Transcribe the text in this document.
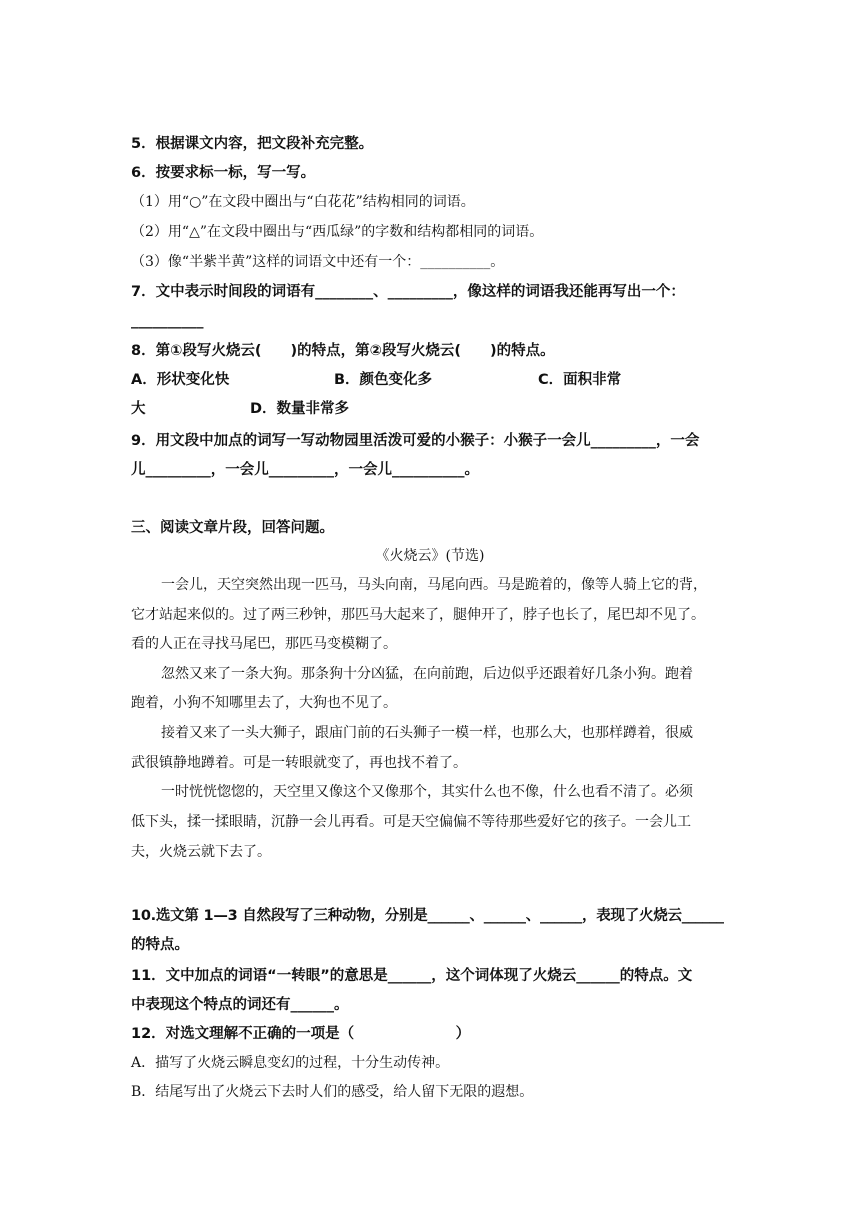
5．根据课文内容，把文段补充完整。
6．按要求标一标，写一写。
（1）用“○”在文段中圈出与“白花花”结构相同的词语。
（2）用“△”在文段中圈出与“西瓜绿”的字数和结构都相同的词语。
（3）像“半紫半黄”这样的词语文中还有一个：__________。
7．文中表示时间段的词语有________、_________，像这样的词语我还能再写出一个：
__________
8．第①段写火烧云(　　)的特点，第②段写火烧云(　　)的特点。
A．形状变化快	B．颜色变化多	C．面积非常
大	D．数量非常多
9．用文段中加点的词写一写动物园里活泼可爱的小猴子：小猴子一会儿_________，一会
儿_________，一会儿_________，一会儿__________。
三、阅读文章片段，回答问题。
《火烧云》(节选)
一会儿，天空突然出现一匹马，马头向南，马尾向西。马是跪着的，像等人骑上它的背，
它才站起来似的。过了两三秒钟，那匹马大起来了，腿伸开了，脖子也长了，尾巴却不见了。
看的人正在寻找马尾巴，那匹马变模糊了。
忽然又来了一条大狗。那条狗十分凶猛，在向前跑，后边似乎还跟着好几条小狗。跑着
跑着，小狗不知哪里去了，大狗也不见了。
接着又来了一头大狮子，跟庙门前的石头狮子一模一样，也那么大，也那样蹲着，很威
武很镇静地蹲着。可是一转眼就变了，再也找不着了。
一时恍恍惚惚的，天空里又像这个又像那个，其实什么也不像，什么也看不清了。必须
低下头，揉一揉眼睛，沉静一会儿再看。可是天空偏偏不等待那些爱好它的孩子。一会儿工
夫，火烧云就下去了。
10.选文第 1—3 自然段写了三种动物，分别是______、______、______，表现了火烧云______
的特点。
11．文中加点的词语“一转眼”的意思是______，这个词体现了火烧云______的特点。文
中表现这个特点的词还有______。
12．对选文理解不正确的一项是（　　　　　　　）
A．描写了火烧云瞬息变幻的过程，十分生动传神。
B．结尾写出了火烧云下去时人们的感受，给人留下无限的遐想。
